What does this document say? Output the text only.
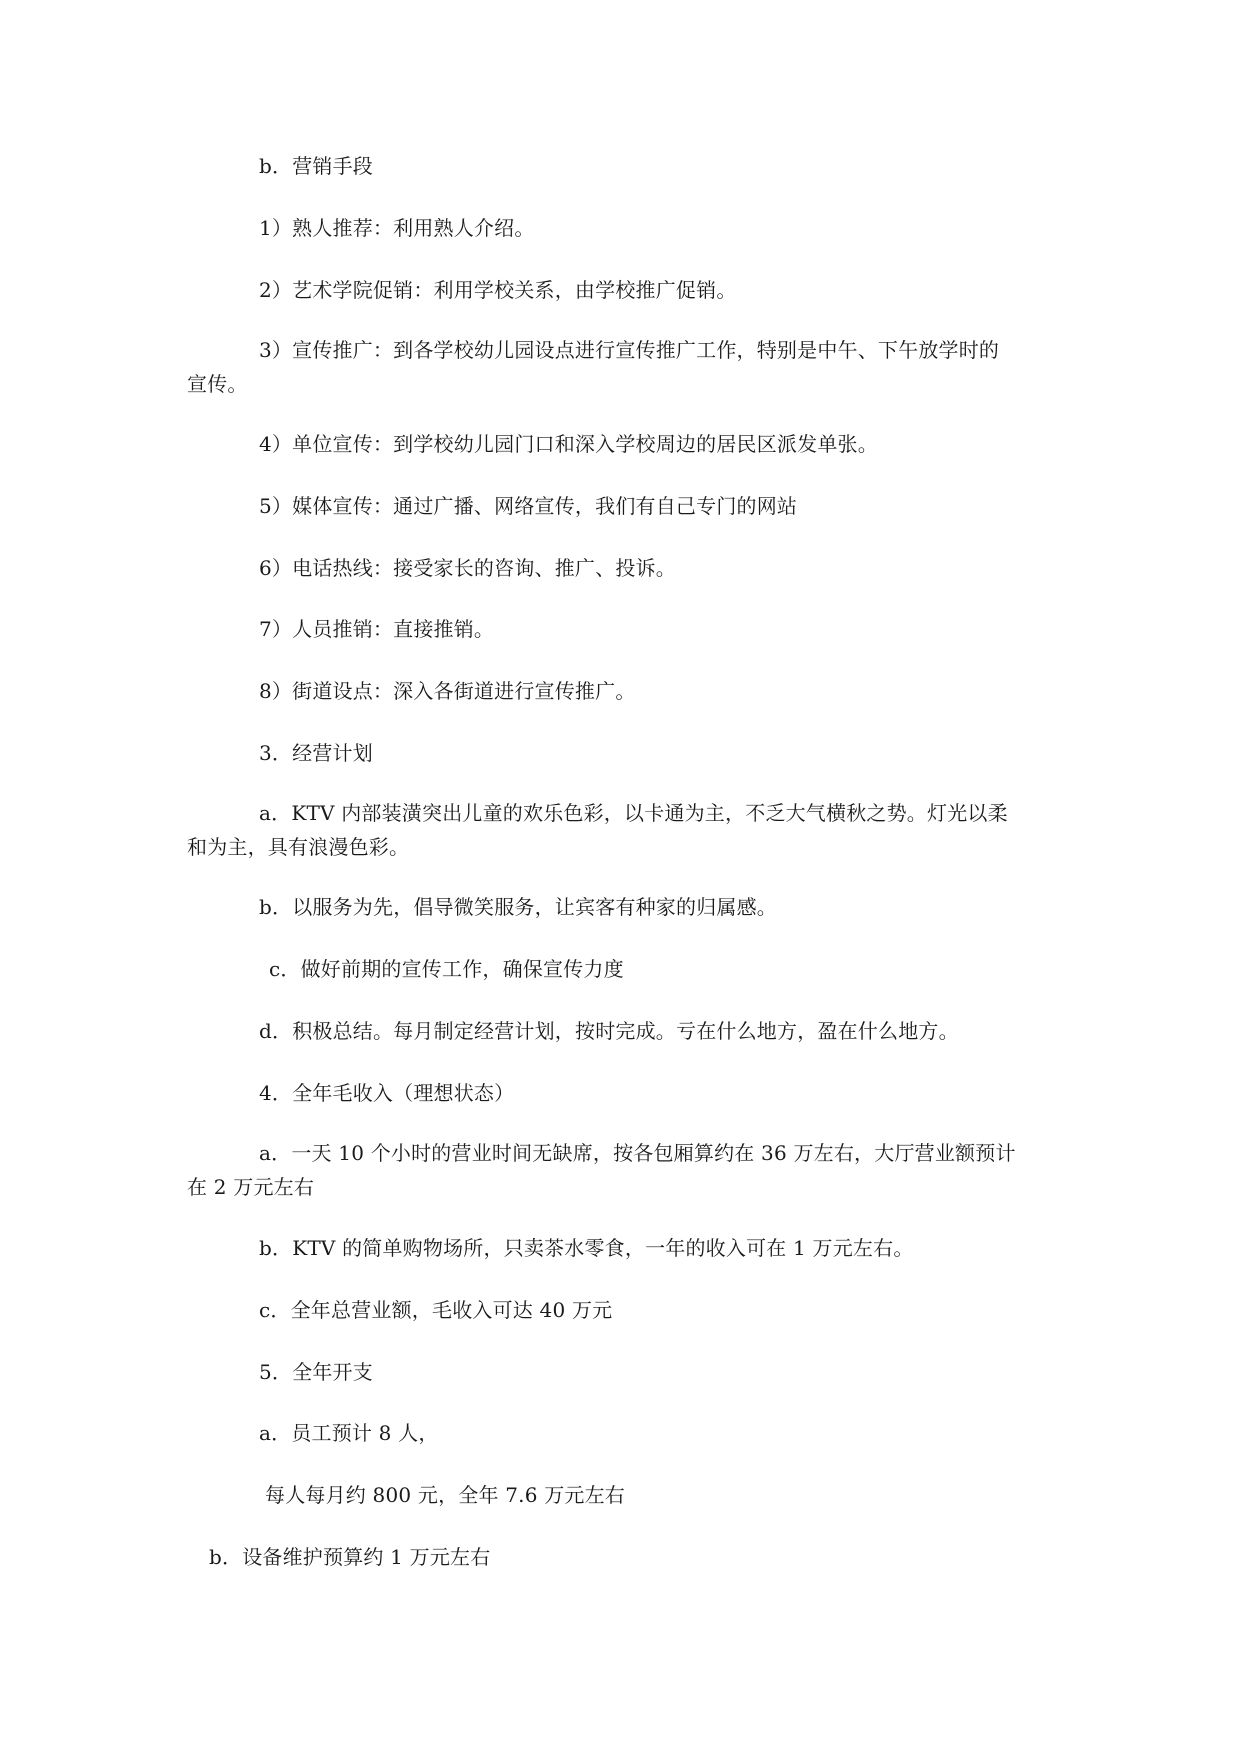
b．营销手段
1）熟人推荐：利用熟人介绍。
2）艺术学院促销：利用学校关系，由学校推广促销。
3）宣传推广：到各学校幼儿园设点进行宣传推广工作，特别是中午、下午放学时的
宣传。
4）单位宣传：到学校幼儿园门口和深入学校周边的居民区派发单张。
5）媒体宣传：通过广播、网络宣传，我们有自己专门的网站
6）电话热线：接受家长的咨询、推广、投诉。
7）人员推销：直接推销。
8）街道设点：深入各街道进行宣传推广。
3．经营计划
a．KTV 内部装潢突出儿童的欢乐色彩，以卡通为主，不乏大气横秋之势。灯光以柔
和为主，具有浪漫色彩。
b．以服务为先，倡导微笑服务，让宾客有种家的归属感。
c．做好前期的宣传工作，确保宣传力度
d．积极总结。每月制定经营计划，按时完成。亏在什么地方，盈在什么地方。
4．全年毛收入（理想状态）
a．一天 10 个小时的营业时间无缺席，按各包厢算约在 36 万左右，大厅营业额预计
在 2 万元左右
b．KTV 的简单购物场所，只卖茶水零食，一年的收入可在 1 万元左右。
c．全年总营业额，毛收入可达 40 万元
5．全年开支
a．员工预计 8 人，
每人每月约 800 元，全年 7.6 万元左右
b．设备维护预算约 1 万元左右
